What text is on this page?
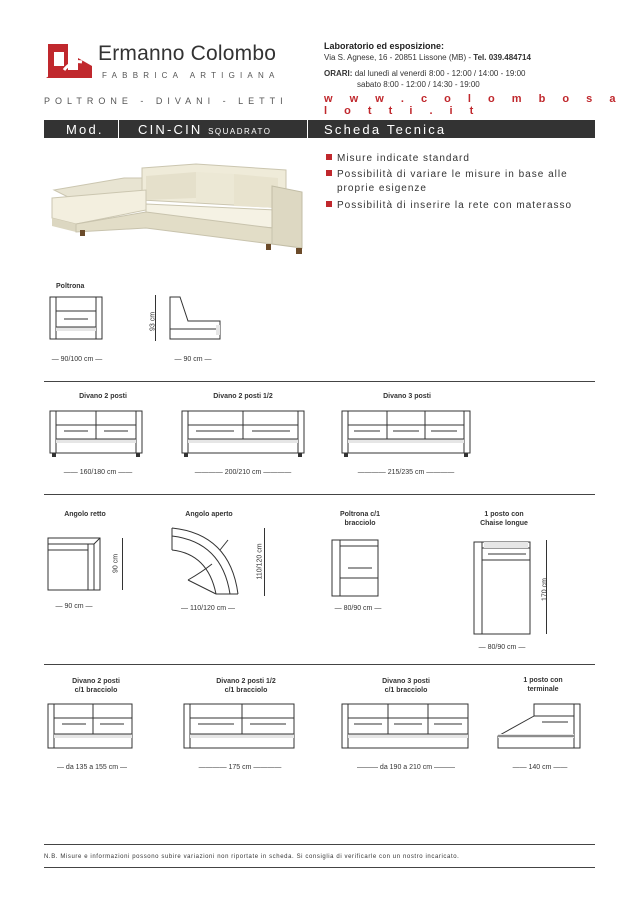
Ermanno Colombo
FABBRICA ARTIGIANA
POLTRONE - DIVANI - LETTI
Laboratorio ed esposizione:
Via S. Agnese, 16 - 20851 Lissone (MB) - Tel. 039.484714
ORARI: dal lunedì al venerdì 8:00 - 12:00 / 14:00 - 19:00
sabato 8:00 - 12:00 / 14:30 - 19:00
w w w . c o l o m b o s a l o t t i . i t
Mod.	CIN-CIN SQUADRATO	Scheda Tecnica
Misure indicate standard
Possibilità di variare le misure in base alle
proprie esigenze
Possibilità di inserire la rete con materasso
Poltrona
— 90/100 cm —
93 cm
— 90 cm —
Divano 2 posti
—— 160/180 cm ——
Divano 2 posti 1/2
———— 200/210 cm ————
Divano 3 posti
———— 215/235 cm ————
Angolo retto
— 90 cm —
90 cm
Angolo aperto
— 110/120 cm —
110/120 cm
Poltrona c/1
bracciolo
— 80/90 cm —
1 posto con
Chaise longue
170 cm
— 80/90 cm —
Divano 2 posti
c/1 bracciolo
— da 135 a 155 cm —
Divano 2 posti 1/2
c/1 bracciolo
———— 175 cm ————
Divano 3 posti
c/1 bracciolo
——— da 190 a 210 cm ———
1 posto con
terminale
—— 140 cm ——
N.B. Misure e informazioni possono subire variazioni non riportate in scheda. Si consiglia di verificarle con un nostro incaricato.
